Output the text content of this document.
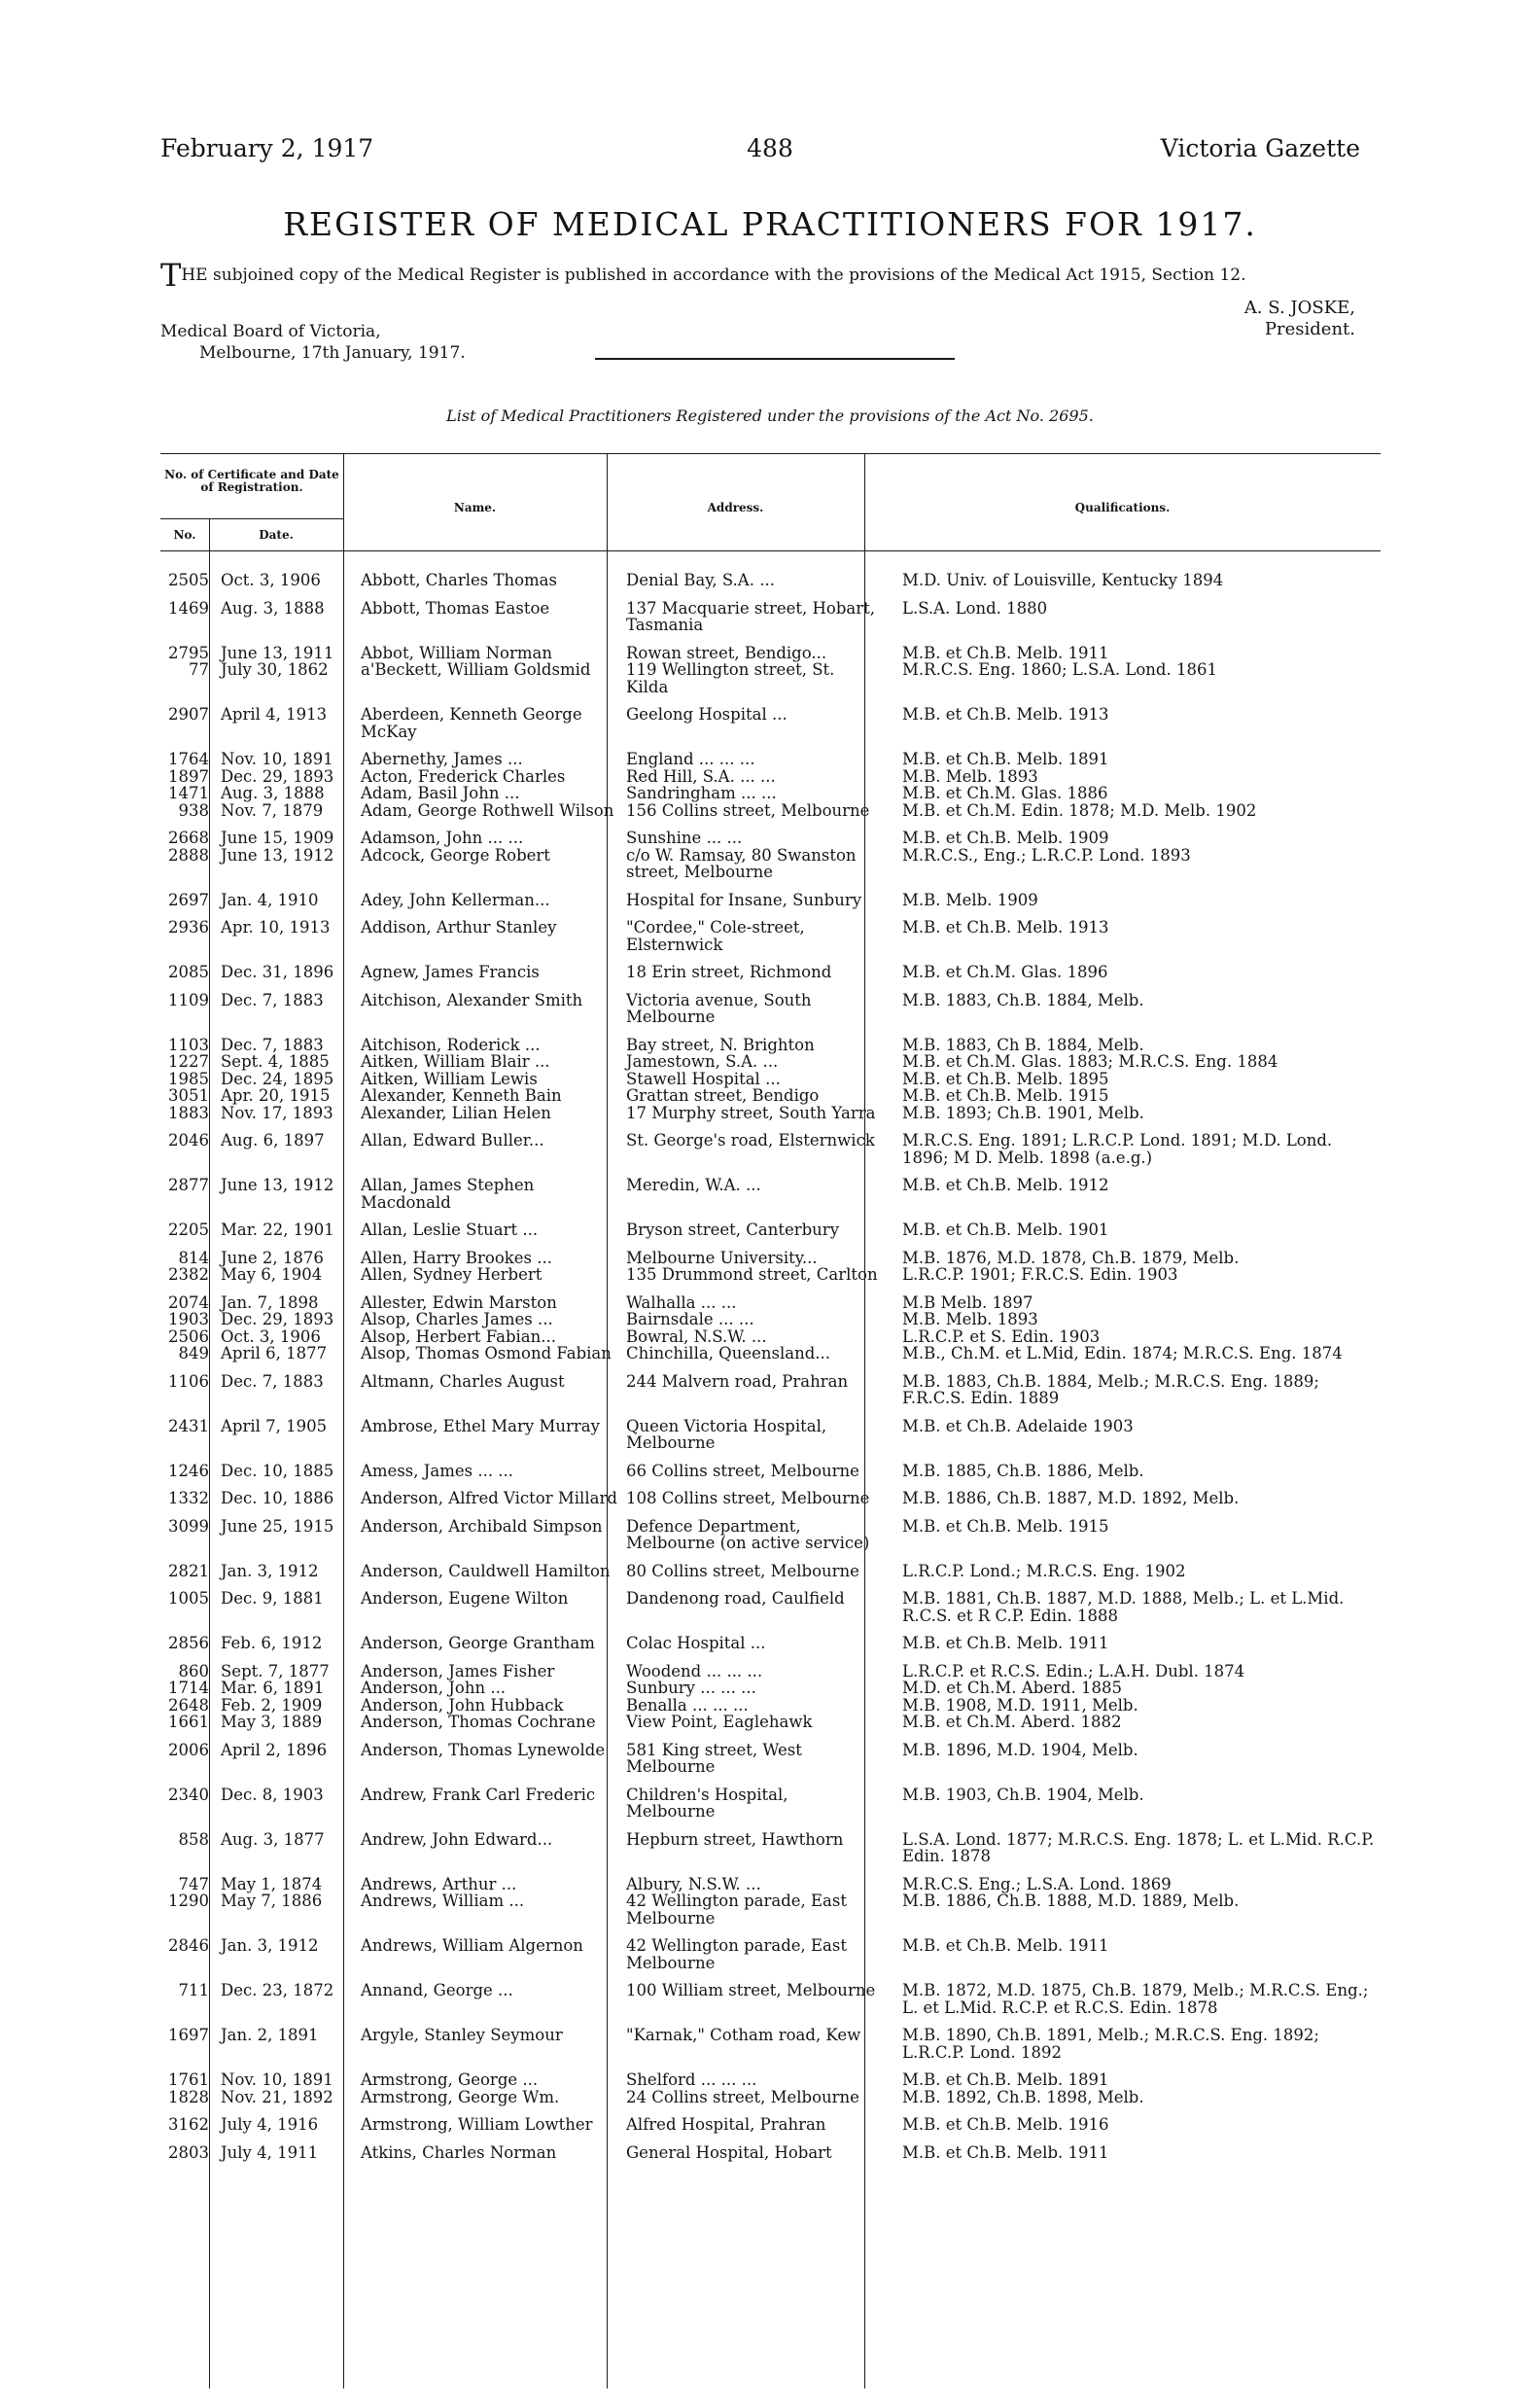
February 2, 1917	488	Victoria Gazette
REGISTER OF MEDICAL PRACTITIONERS FOR 1917.
THE subjoined copy of the Medical Register is published in accordance with the provisions of the Medical Act 1915, Section 12.
A. S. JOSKE,
President.
Medical Board of Victoria,
Melbourne, 17th January, 1917.
List of Medical Practitioners Registered under the provisions of the Act No. 2695.
No. of Certificate and Date of Registration.
No.	Date.
Name.	Address.	Qualifications.
2505	Oct. 3, 1906	Abbott, Charles Thomas	Denial Bay, S.A. ...	M.D. Univ. of Louisville, Kentucky 1894
1469	Aug. 3, 1888	Abbott, Thomas Eastoe	137 Macquarie street, Hobart, Tasmania	L.S.A. Lond. 1880
2795	June 13, 1911	Abbot, William Norman	Rowan street, Bendigo...	M.B. et Ch.B. Melb. 1911
77	July 30, 1862	a'Beckett, William Goldsmid	119 Wellington street, St. Kilda	M.R.C.S. Eng. 1860; L.S.A. Lond. 1861
2907	April 4, 1913	Aberdeen, Kenneth George McKay	Geelong Hospital ...	M.B. et Ch.B. Melb. 1913
1764	Nov. 10, 1891	Abernethy, James ...	England ... ... ...	M.B. et Ch.B. Melb. 1891
1897	Dec. 29, 1893	Acton, Frederick Charles	Red Hill, S.A. ... ...	M.B. Melb. 1893
1471	Aug. 3, 1888	Adam, Basil John ...	Sandringham ... ...	M.B. et Ch.M. Glas. 1886
938	Nov. 7, 1879	Adam, George Rothwell Wilson	156 Collins street, Melbourne	M.B. et Ch.M. Edin. 1878; M.D. Melb. 1902
2668	June 15, 1909	Adamson, John ... ...	Sunshine ... ...	M.B. et Ch.B. Melb. 1909
2888	June 13, 1912	Adcock, George Robert	c/o W. Ramsay, 80 Swanston street, Melbourne	M.R.C.S., Eng.; L.R.C.P. Lond. 1893
2697	Jan. 4, 1910	Adey, John Kellerman...	Hospital for Insane, Sunbury	M.B. Melb. 1909
2936	Apr. 10, 1913	Addison, Arthur Stanley	"Cordee," Cole-street, Elsternwick	M.B. et Ch.B. Melb. 1913
2085	Dec. 31, 1896	Agnew, James Francis	18 Erin street, Richmond	M.B. et Ch.M. Glas. 1896
1109	Dec. 7, 1883	Aitchison, Alexander Smith	Victoria avenue, South Melbourne	M.B. 1883, Ch.B. 1884, Melb.
1103	Dec. 7, 1883	Aitchison, Roderick ...	Bay street, N. Brighton	M.B. 1883, Ch B. 1884, Melb.
1227	Sept. 4, 1885	Aitken, William Blair ...	Jamestown, S.A. ...	M.B. et Ch.M. Glas. 1883; M.R.C.S. Eng. 1884
1985	Dec. 24, 1895	Aitken, William Lewis	Stawell Hospital ...	M.B. et Ch.B. Melb. 1895
3051	Apr. 20, 1915	Alexander, Kenneth Bain	Grattan street, Bendigo	M.B. et Ch.B. Melb. 1915
1883	Nov. 17, 1893	Alexander, Lilian Helen	17 Murphy street, South Yarra	M.B. 1893; Ch.B. 1901, Melb.
2046	Aug. 6, 1897	Allan, Edward Buller...	St. George's road, Elsternwick	M.R.C.S. Eng. 1891; L.R.C.P. Lond. 1891; M.D. Lond. 1896; M D. Melb. 1898 (a.e.g.)
2877	June 13, 1912	Allan, James Stephen Macdonald	Meredin, W.A. ...	M.B. et Ch.B. Melb. 1912
2205	Mar. 22, 1901	Allan, Leslie Stuart ...	Bryson street, Canterbury	M.B. et Ch.B. Melb. 1901
814	June 2, 1876	Allen, Harry Brookes ...	Melbourne University...	M.B. 1876, M.D. 1878, Ch.B. 1879, Melb.
2382	May 6, 1904	Allen, Sydney Herbert	135 Drummond street, Carlton	L.R.C.P. 1901; F.R.C.S. Edin. 1903
2074	Jan. 7, 1898	Allester, Edwin Marston	Walhalla ... ...	M.B Melb. 1897
1903	Dec. 29, 1893	Alsop, Charles James ...	Bairnsdale ... ...	M.B. Melb. 1893
2506	Oct. 3, 1906	Alsop, Herbert Fabian...	Bowral, N.S.W. ...	L.R.C.P. et S. Edin. 1903
849	April 6, 1877	Alsop, Thomas Osmond Fabian	Chinchilla, Queensland...	M.B., Ch.M. et L.Mid, Edin. 1874; M.R.C.S. Eng. 1874
1106	Dec. 7, 1883	Altmann, Charles August	244 Malvern road, Prahran	M.B. 1883, Ch.B. 1884, Melb.; M.R.C.S. Eng. 1889; F.R.C.S. Edin. 1889
2431	April 7, 1905	Ambrose, Ethel Mary Murray	Queen Victoria Hospital, Melbourne	M.B. et Ch.B. Adelaide 1903
1246	Dec. 10, 1885	Amess, James ... ...	66 Collins street, Melbourne	M.B. 1885, Ch.B. 1886, Melb.
1332	Dec. 10, 1886	Anderson, Alfred Victor Millard	108 Collins street, Melbourne	M.B. 1886, Ch.B. 1887, M.D. 1892, Melb.
3099	June 25, 1915	Anderson, Archibald Simpson	Defence Department, Melbourne (on active service)	M.B. et Ch.B. Melb. 1915
2821	Jan. 3, 1912	Anderson, Cauldwell Hamilton	80 Collins street, Melbourne	L.R.C.P. Lond.; M.R.C.S. Eng. 1902
1005	Dec. 9, 1881	Anderson, Eugene Wilton	Dandenong road, Caulfield	M.B. 1881, Ch.B. 1887, M.D. 1888, Melb.; L. et L.Mid. R.C.S. et R C.P. Edin. 1888
2856	Feb. 6, 1912	Anderson, George Grantham	Colac Hospital ...	M.B. et Ch.B. Melb. 1911
860	Sept. 7, 1877	Anderson, James Fisher	Woodend ... ... ...	L.R.C.P. et R.C.S. Edin.; L.A.H. Dubl. 1874
1714	Mar. 6, 1891	Anderson, John ...	Sunbury ... ... ...	M.D. et Ch.M. Aberd. 1885
2648	Feb. 2, 1909	Anderson, John Hubback	Benalla ... ... ...	M.B. 1908, M.D. 1911, Melb.
1661	May 3, 1889	Anderson, Thomas Cochrane	View Point, Eaglehawk	M.B. et Ch.M. Aberd. 1882
2006	April 2, 1896	Anderson, Thomas Lynewolde	581 King street, West Melbourne	M.B. 1896, M.D. 1904, Melb.
2340	Dec. 8, 1903	Andrew, Frank Carl Frederic	Children's Hospital, Melbourne	M.B. 1903, Ch.B. 1904, Melb.
858	Aug. 3, 1877	Andrew, John Edward...	Hepburn street, Hawthorn	L.S.A. Lond. 1877; M.R.C.S. Eng. 1878; L. et L.Mid. R.C.P. Edin. 1878
747	May 1, 1874	Andrews, Arthur ...	Albury, N.S.W. ...	M.R.C.S. Eng.; L.S.A. Lond. 1869
1290	May 7, 1886	Andrews, William ...	42 Wellington parade, East Melbourne	M.B. 1886, Ch.B. 1888, M.D. 1889, Melb.
2846	Jan. 3, 1912	Andrews, William Algernon	42 Wellington parade, East Melbourne	M.B. et Ch.B. Melb. 1911
711	Dec. 23, 1872	Annand, George ...	100 William street, Melbourne	M.B. 1872, M.D. 1875, Ch.B. 1879, Melb.; M.R.C.S. Eng.; L. et L.Mid. R.C.P. et R.C.S. Edin. 1878
1697	Jan. 2, 1891	Argyle, Stanley Seymour	"Karnak," Cotham road, Kew	M.B. 1890, Ch.B. 1891, Melb.; M.R.C.S. Eng. 1892; L.R.C.P. Lond. 1892
1761	Nov. 10, 1891	Armstrong, George ...	Shelford ... ... ...	M.B. et Ch.B. Melb. 1891
1828	Nov. 21, 1892	Armstrong, George Wm.	24 Collins street, Melbourne	M.B. 1892, Ch.B. 1898, Melb.
3162	July 4, 1916	Armstrong, William Lowther	Alfred Hospital, Prahran	M.B. et Ch.B. Melb. 1916
2803	July 4, 1911	Atkins, Charles Norman	General Hospital, Hobart	M.B. et Ch.B. Melb. 1911
